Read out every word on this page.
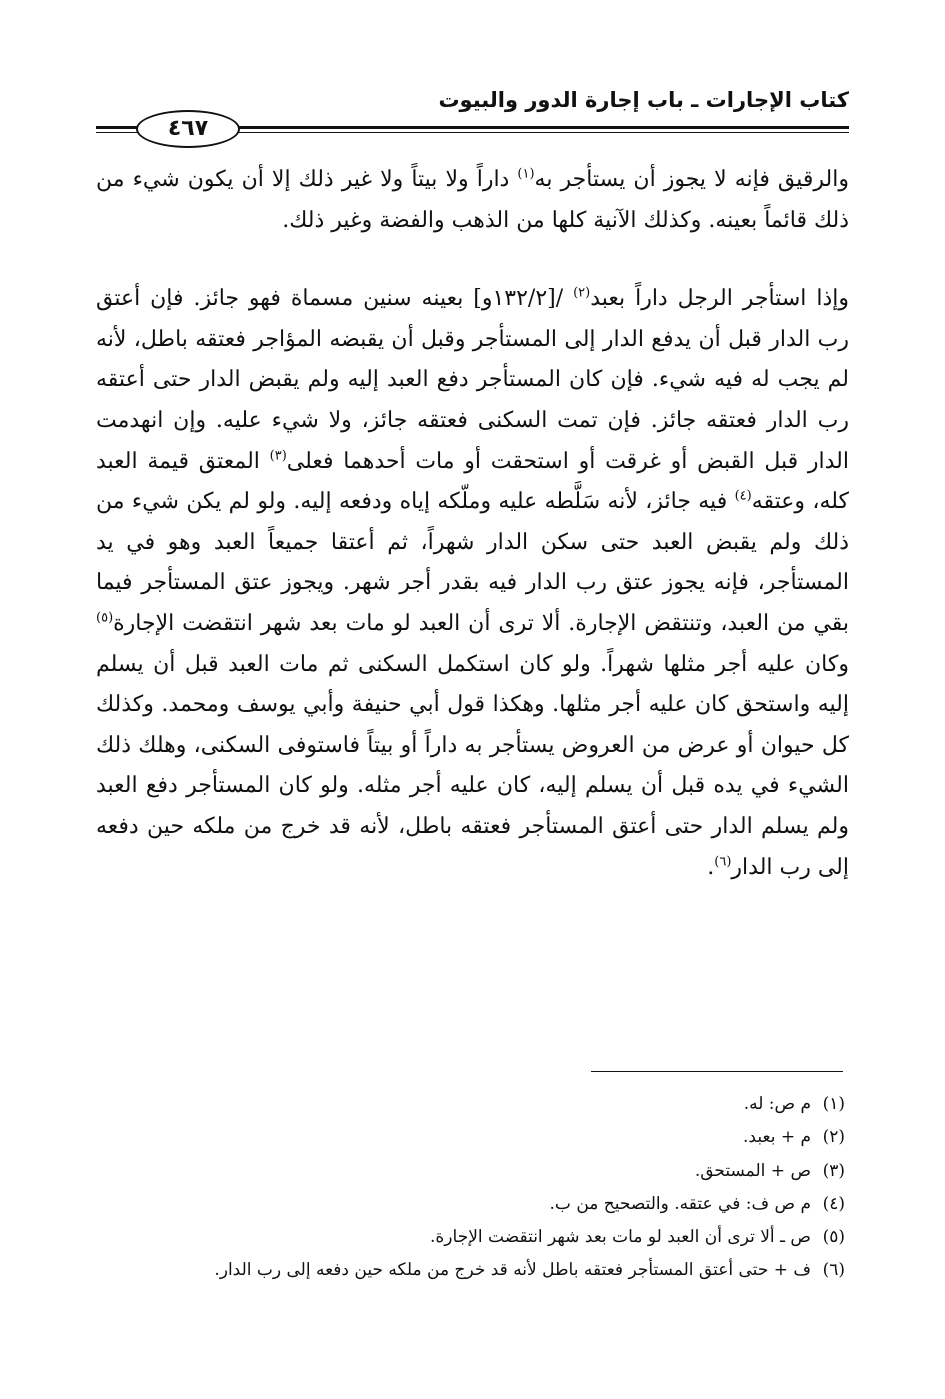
كتاب الإجارات ـ باب إجارة الدور والبيوت
٤٦٧

والرقيق فإنه لا يجوز أن يستأجر به$^{(١)}$ داراً ولا بيتاً ولا غير ذلك إلا أن يكون شيء من ذلك قائماً بعينه. وكذلك الآنية كلها من الذهب والفضة وغير ذلك.

وإذا استأجر الرجل داراً بعبد$^{(٢)}$ /[١٣٢/٢و] بعينه سنين مسماة فهو جائز. فإن أعتق رب الدار قبل أن يدفع الدار إلى المستأجر وقبل أن يقبضه المؤاجر فعتقه باطل، لأنه لم يجب له فيه شيء. فإن كان المستأجر دفع العبد إليه ولم يقبض الدار حتى أعتقه رب الدار فعتقه جائز. فإن تمت السكنى فعتقه جائز، ولا شيء عليه. وإن انهدمت الدار قبل القبض أو غرقت أو استحقت أو مات أحدهما فعلى$^{(٣)}$ المعتق قيمة العبد كله، وعتقه$^{(٤)}$ فيه جائز، لأنه سَلَّطه عليه وملّكه إياه ودفعه إليه. ولو لم يكن شيء من ذلك ولم يقبض العبد حتى سكن الدار شهراً، ثم أعتقا جميعاً العبد وهو في يد المستأجر، فإنه يجوز عتق رب الدار فيه بقدر أجر شهر. ويجوز عتق المستأجر فيما بقي من العبد، وتنتقض الإجارة. ألا ترى أن العبد لو مات بعد شهر انتقضت الإجارة$^{(٥)}$ وكان عليه أجر مثلها شهراً. ولو كان استكمل السكنى ثم مات العبد قبل أن يسلم إليه واستحق كان عليه أجر مثلها. وهكذا قول أبي حنيفة وأبي يوسف ومحمد. وكذلك كل حيوان أو عرض من العروض يستأجر به داراً أو بيتاً فاستوفى السكنى، وهلك ذلك الشيء في يده قبل أن يسلم إليه، كان عليه أجر مثله. ولو كان المستأجر دفع العبد ولم يسلم الدار حتى أعتق المستأجر فعتقه باطل، لأنه قد خرج من ملكه حين دفعه إلى رب الدار$^{(٦)}$.

(١)
م ص: له.
(٢)
م + بعبد.
(٣)
ص + المستحق.
(٤)
م ص ف: في عتقه. والتصحيح من ب.
(٥)
ص ـ ألا ترى أن العبد لو مات بعد شهر انتقضت الإجارة.
(٦)
ف + حتى أعتق المستأجر فعتقه باطل لأنه قد خرج من ملكه حين دفعه إلى رب الدار.
